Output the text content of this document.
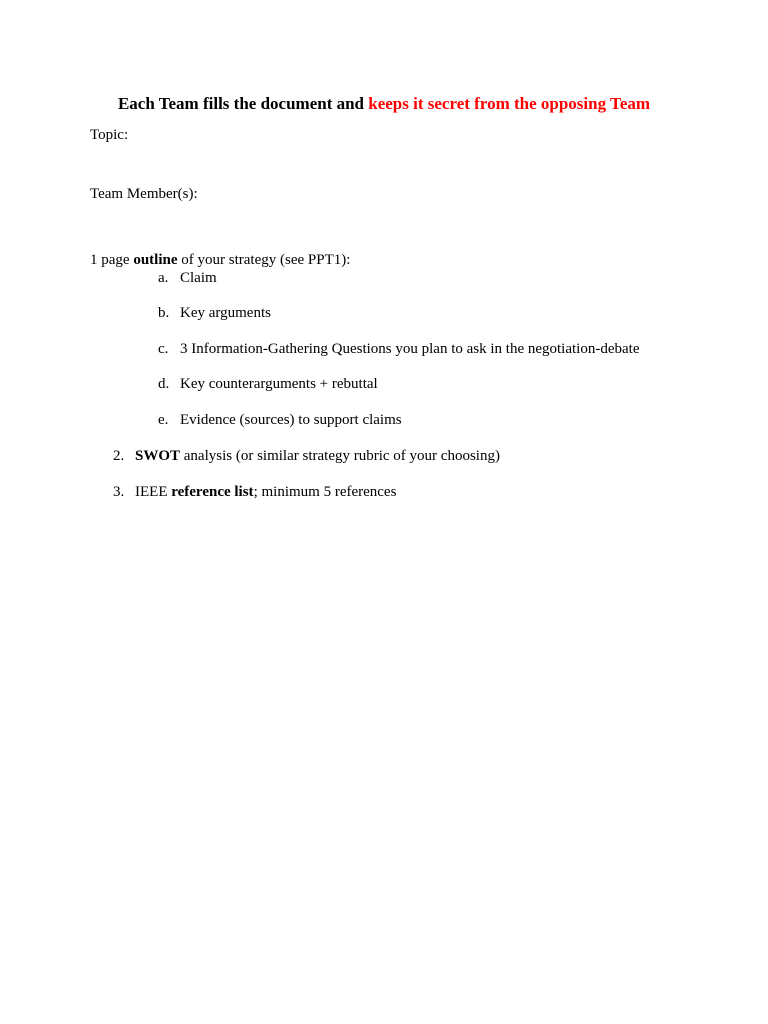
Each Team fills the document and keeps it secret from the opposing Team
Topic:
Team Member(s):
1 page outline of your strategy (see PPT1):
a. Claim
b. Key arguments
c. 3 Information-Gathering Questions you plan to ask in the negotiation-debate
d. Key counterarguments + rebuttal
e. Evidence (sources) to support claims
2. SWOT analysis (or similar strategy rubric of your choosing)
3. IEEE reference list; minimum 5 references
